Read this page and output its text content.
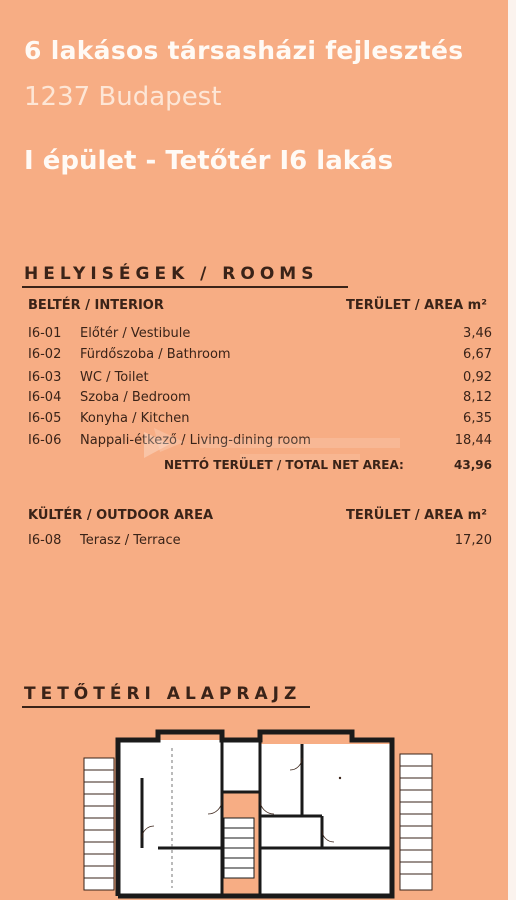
6 lakásos társasházi fejlesztés
1237 Budapest
I épület - Tetőtér I6 lakás
HELYISÉGEK / ROOMS
BELTÉR / INTERIOR	TERÜLET / AREA m²
I6-01 Előtér / Vestibule	3,46
I6-02 Fürdőszoba / Bathroom	6,67
I6-03 WC / Toilet	0,92
I6-04 Szoba / Bedroom	8,12
I6-05 Konyha / Kitchen	6,35
I6-06 Nappali-étkező / Living-dining room	18,44
NETTÓ TERÜLET / TOTAL NET AREA:	43,96
KÜLTÉR / OUTDOOR AREA	TERÜLET / AREA m²
I6-08 Terasz / Terrace	17,20
TETŐTÉRI ALAPRAJZ
